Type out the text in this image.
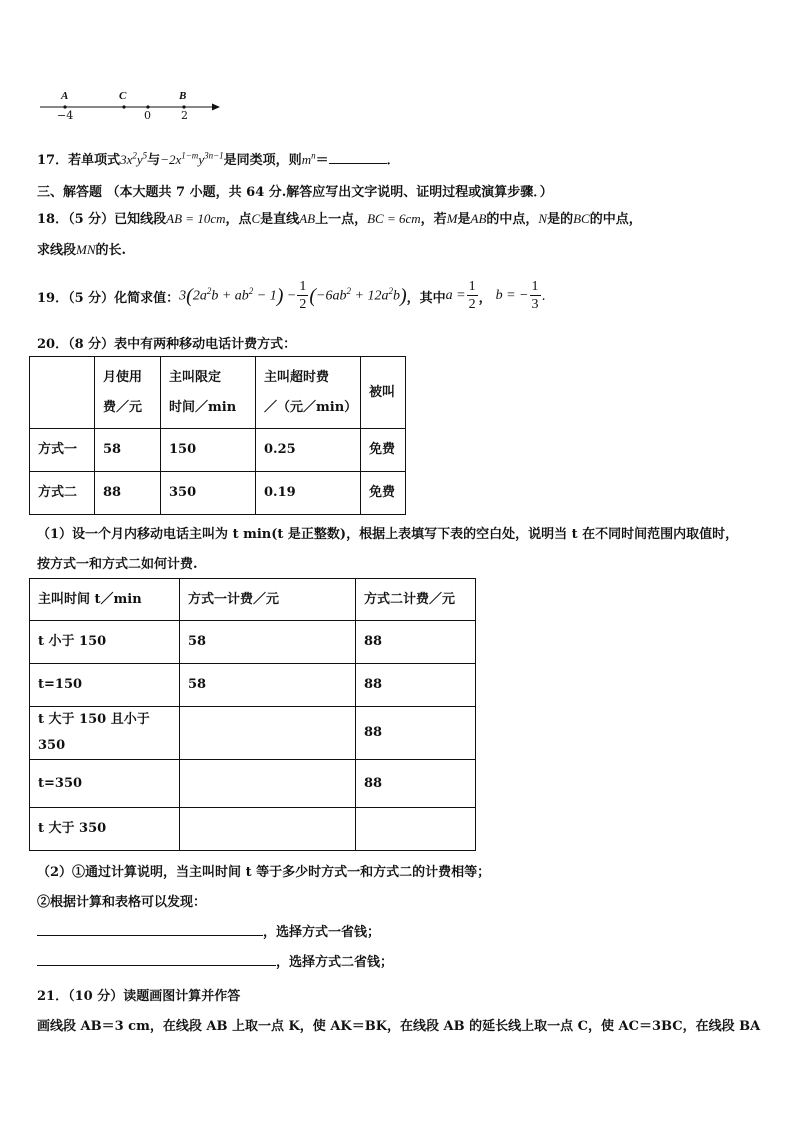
A	C	B
−4	0	2
17．若单项式$3x^2y^5$与$-2x^{1-m}y^{3n-1}$是同类项，则$m^n=$	．
三、解答题 （本大题共 7 小题，共 64 分.解答应写出文字说明、证明过程或演算步骤．）
18．（5 分）已知线段AB = 10cm，点C是直线AB上一点，BC = 6cm，若M是AB的中点，N是的BC的中点，
求线段MN的长.
19．（5 分）化简求值： $3(2a^2b + ab^2 - 1) - \frac{1}{2} (-6ab^2 + 12a^2b)$ ，其中 $a = \frac{1}{2}$ ， b = − $\frac{1}{3}$ .
20．（8 分）表中有两种移动电话计费方式：
	月使用
费／元	主叫限定
时间／min	主叫超时费
／（元／min）	被叫
方式一	58	150	0.25	免费
方式二	88	350	0.19	免费
（1）设一个月内移动电话主叫为 t min(t 是正整数)，根据上表填写下表的空白处，说明当 t 在不同时间范围内取值时，
按方式一和方式二如何计费.
主叫时间 t／min	方式一计费／元	方式二计费／元
t 小于 150	58	88
t=150	58	88
t 大于 150 且小于 350		88
t=350		88
t 大于 350		
（2）①通过计算说明，当主叫时间 t 等于多少时方式一和方式二的计费相等；
②根据计算和表格可以发现：
，选择方式一省钱；
，选择方式二省钱；
21．（10 分）读题画图计算并作答
画线段 AB＝3 cm，在线段 AB 上取一点 K，使 AK＝BK，在线段 AB 的延长线上取一点 C，使 AC＝3BC，在线段 BA
